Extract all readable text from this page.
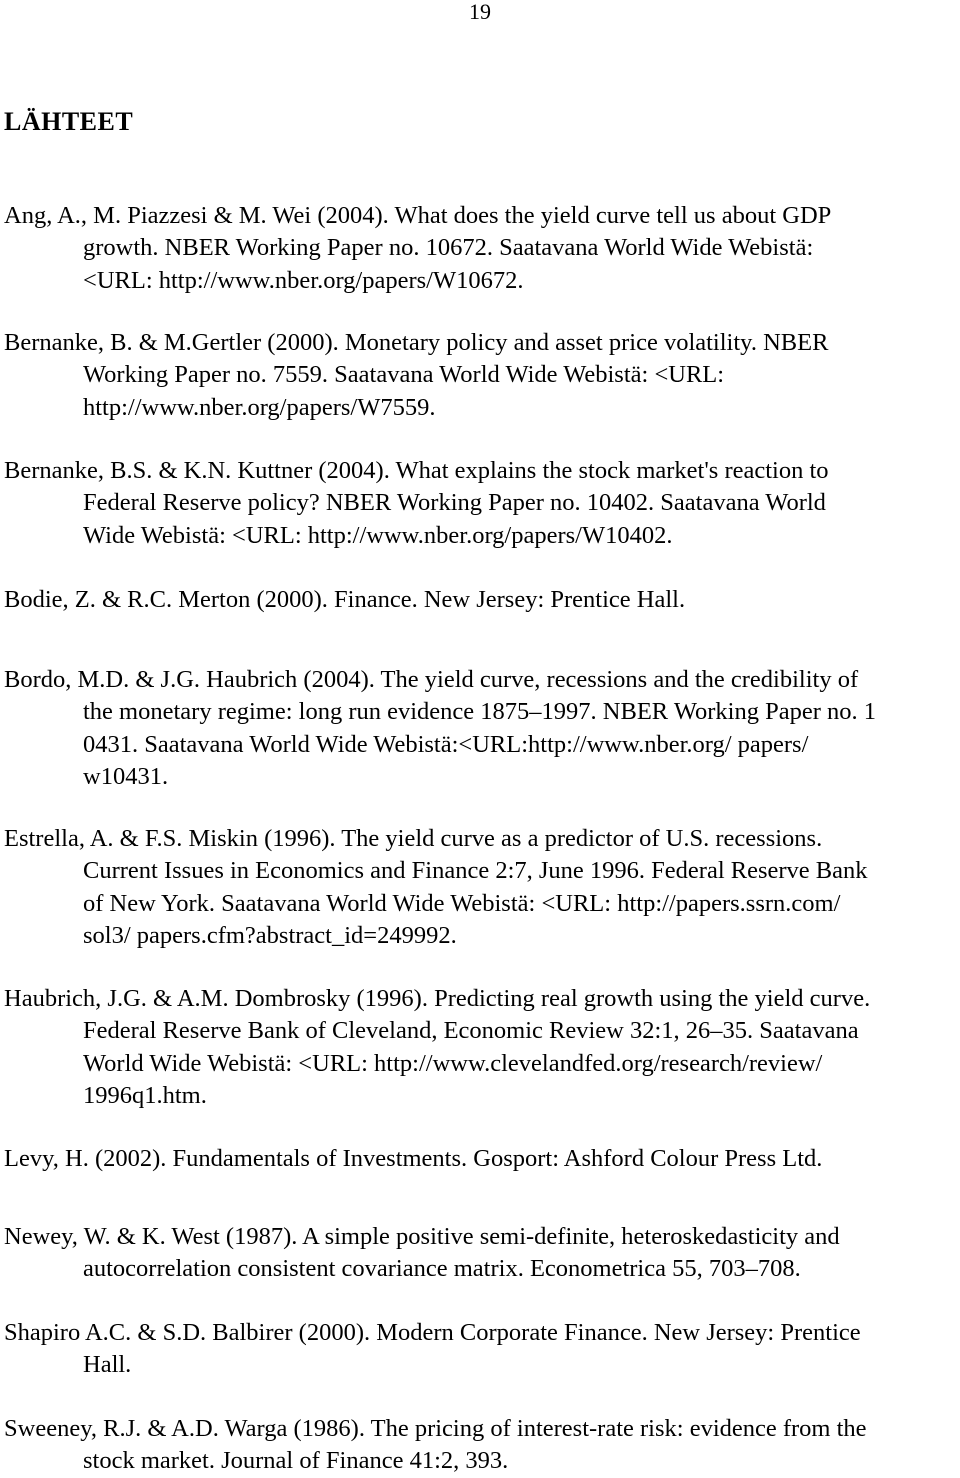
19
LÄHTEET
Ang, A., M. Piazzesi & M. Wei (2004). What does the yield curve tell us about GDP
growth. NBER Working Paper no. 10672. Saatavana World Wide Webistä:
<URL: http://www.nber.org/papers/W10672.
Bernanke, B. & M.Gertler (2000). Monetary policy and asset price volatility. NBER
Working Paper no. 7559. Saatavana World Wide Webistä: <URL:
http://www.nber.org/papers/W7559.
Bernanke, B.S. & K.N. Kuttner (2004). What explains the stock market's reaction to
Federal Reserve policy? NBER Working Paper no. 10402. Saatavana World
Wide Webistä: <URL: http://www.nber.org/papers/W10402.
Bodie, Z. & R.C. Merton (2000). Finance. New Jersey: Prentice Hall.
Bordo, M.D. & J.G. Haubrich (2004). The yield curve, recessions and the credibility of
the monetary regime: long run evidence 1875–1997. NBER Working Paper no. 1
0431. Saatavana World Wide Webistä:<URL:http://www.nber.org/ papers/
w10431.
Estrella, A. & F.S. Miskin (1996). The yield curve as a predictor of U.S. recessions.
Current Issues in Economics and Finance 2:7, June 1996. Federal Reserve Bank
of New York. Saatavana World Wide Webistä: <URL: http://papers.ssrn.com/
sol3/ papers.cfm?abstract_id=249992.
Haubrich, J.G. & A.M. Dombrosky (1996). Predicting real growth using the yield curve.
Federal Reserve Bank of Cleveland, Economic Review 32:1, 26–35. Saatavana
World Wide Webistä: <URL: http://www.clevelandfed.org/research/review/
1996q1.htm.
Levy, H. (2002). Fundamentals of Investments. Gosport: Ashford Colour Press Ltd.
Newey, W. & K. West (1987). A simple positive semi-definite, heteroskedasticity and
autocorrelation consistent covariance matrix. Econometrica 55, 703–708.
Shapiro A.C. & S.D. Balbirer (2000). Modern Corporate Finance. New Jersey: Prentice
Hall.
Sweeney, R.J. & A.D. Warga (1986). The pricing of interest-rate risk: evidence from the
stock market. Journal of Finance 41:2, 393.
